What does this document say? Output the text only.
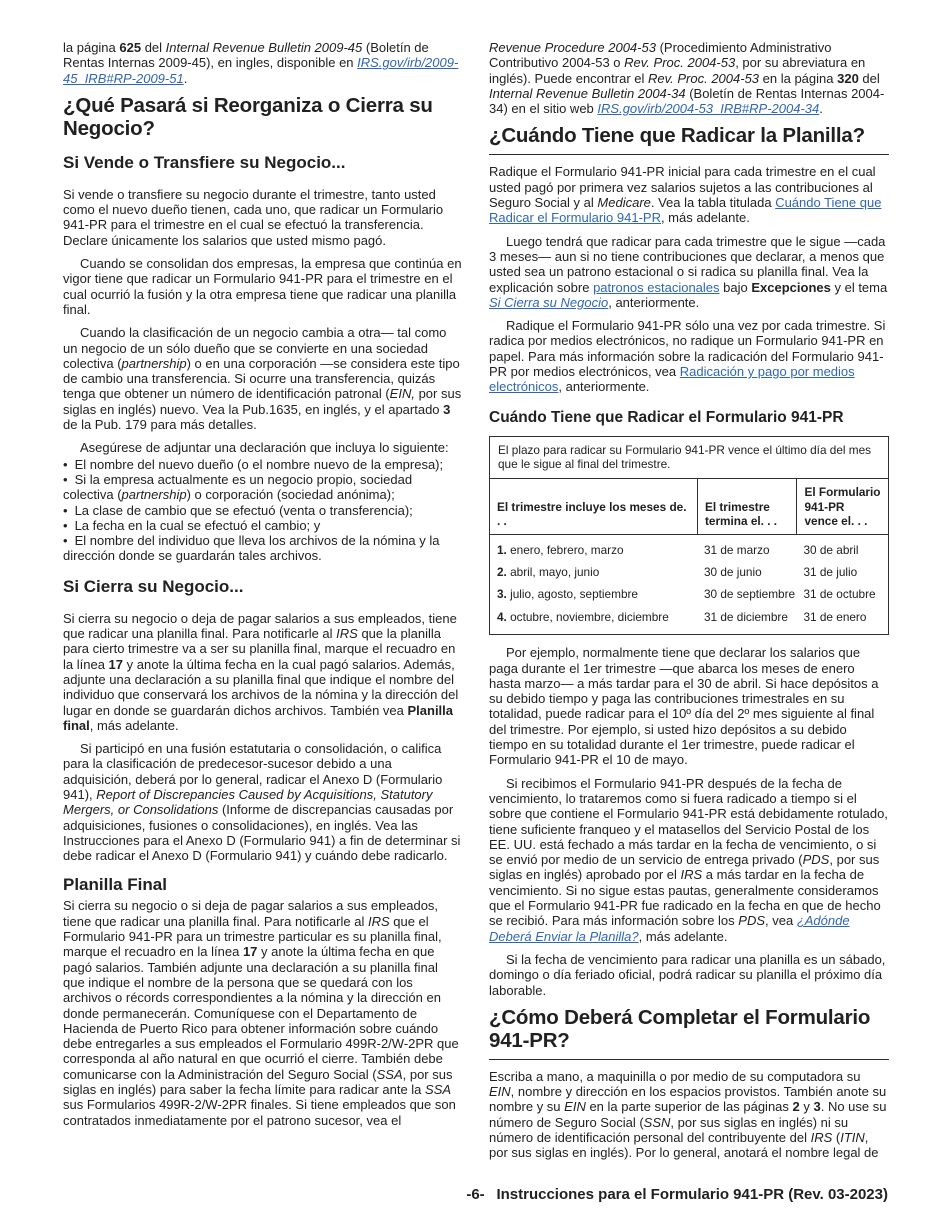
la página 625 del Internal Revenue Bulletin 2009-45 (Boletín de Rentas Internas 2009-45), en ingles, disponible en IRS.gov/irb/2009-45_IRB#RP-2009-51.

¿Qué Pasará si Reorganiza o Cierra su Negocio?
Si Vende o Transfiere su Negocio...

Si vende o transfiere su negocio durante el trimestre, tanto usted como el nuevo dueño tienen, cada uno, que radicar un Formulario 941-PR para el trimestre en el cual se efectuó la transferencia. Declare únicamente los salarios que usted mismo pagó.

Cuando se consolidan dos empresas, la empresa que continúa en vigor tiene que radicar un Formulario 941-PR para el trimestre en el cual ocurrió la fusión y la otra empresa tiene que radicar una planilla final.

Cuando la clasificación de un negocio cambia a otra— tal como un negocio de un sólo dueño que se convierte en una sociedad colectiva (partnership) o en una corporación —se considera este tipo de cambio una transferencia. Si ocurre una transferencia, quizás tenga que obtener un número de identificación patronal (EIN, por sus siglas en inglés) nuevo. Vea la Pub.1635, en inglés, y el apartado 3 de la Pub. 179 para más detalles.

Asegúrese de adjuntar una declaración que incluya lo siguiente:

• El nombre del nuevo dueño (o el nombre nuevo de la empresa);

• Si la empresa actualmente es un negocio propio, sociedad colectiva (partnership) o corporación (sociedad anónima);

• La clase de cambio que se efectuó (venta o transferencia);

• La fecha en la cual se efectuó el cambio; y

• El nombre del individuo que lleva los archivos de la nómina y la dirección donde se guardarán tales archivos.

Si Cierra su Negocio...

Si cierra su negocio o deja de pagar salarios a sus empleados, tiene que radicar una planilla final. Para notificarle al IRS que la planilla para cierto trimestre va a ser su planilla final, marque el recuadro en la línea 17 y anote la última fecha en la cual pagó salarios. Además, adjunte una declaración a su planilla final que indique el nombre del individuo que conservará los archivos de la nómina y la dirección del lugar en donde se guardarán dichos archivos. También vea Planilla final, más adelante.

Si participó en una fusión estatutaria o consolidación, o califica para la clasificación de predecesor-sucesor debido a una adquisición, deberá por lo general, radicar el Anexo D (Formulario 941), Report of Discrepancies Caused by Acquisitions, Statutory Mergers, or Consolidations (Informe de discrepancias causadas por adquisiciones, fusiones o consolidaciones), en inglés. Vea las Instrucciones para el Anexo D (Formulario 941) a fin de determinar si debe radicar el Anexo D (Formulario 941) y cuándo debe radicarlo.

Planilla Final

Si cierra su negocio o si deja de pagar salarios a sus empleados, tiene que radicar una planilla final. Para notificarle al IRS que el Formulario 941-PR para un trimestre particular es su planilla final, marque el recuadro en la línea 17 y anote la última fecha en que pagó salarios. También adjunte una declaración a su planilla final que indique el nombre de la persona que se quedará con los archivos o récords correspondientes a la nómina y la dirección en donde permanecerán. Comuníquese con el Departamento de Hacienda de Puerto Rico para obtener información sobre cuándo debe entregarles a sus empleados el Formulario 499R-2/W-2PR que corresponda al año natural en que ocurrió el cierre. También debe comunicarse con la Administración del Seguro Social (SSA, por sus siglas en inglés) para saber la fecha límite para radicar ante la SSA sus Formularios 499R-2/W-2PR finales. Si tiene empleados que son contratados inmediatamente por el patrono sucesor, vea el

Revenue Procedure 2004-53 (Procedimiento Administrativo Contributivo 2004-53 o Rev. Proc. 2004-53, por su abreviatura en inglés). Puede encontrar el Rev. Proc. 2004-53 en la página 320 del Internal Revenue Bulletin 2004-34 (Boletín de Rentas Internas 2004-34) en el sitio web IRS.gov/irb/2004-53_IRB#RP-2004-34.

¿Cuándo Tiene que Radicar la Planilla?

Radique el Formulario 941-PR inicial para cada trimestre en el cual usted pagó por primera vez salarios sujetos a las contribuciones al Seguro Social y al Medicare. Vea la tabla titulada Cuándo Tiene que Radicar el Formulario 941-PR, más adelante.

Luego tendrá que radicar para cada trimestre que le sigue —cada 3 meses— aun si no tiene contribuciones que declarar, a menos que usted sea un patrono estacional o si radica su planilla final. Vea la explicación sobre patronos estacionales bajo Excepciones y el tema Si Cierra su Negocio, anteriormente.

Radique el Formulario 941-PR sólo una vez por cada trimestre. Si radica por medios electrónicos, no radique un Formulario 941-PR en papel. Para más información sobre la radicación del Formulario 941-PR por medios electrónicos, vea Radicación y pago por medios electrónicos, anteriormente.

Cuándo Tiene que Radicar el Formulario 941-PR
El plazo para radicar su Formulario 941-PR vence el último día del mes que le sigue al final del trimestre.
El trimestre incluye los meses de. . .
El trimestre termina el. . .
El Formulario 941-PR vence el. . .
1. enero, febrero, marzo	31 de marzo	30 de abril
2. abril, mayo, junio	30 de junio	31 de julio
3. julio, agosto, septiembre	30 de septiembre 31 de octubre
4. octubre, noviembre, diciembre	31 de diciembre	31 de enero

Por ejemplo, normalmente tiene que declarar los salarios que paga durante el 1er trimestre —que abarca los meses de enero hasta marzo— a más tardar para el 30 de abril. Si hace depósitos a su debido tiempo y paga las contribuciones trimestrales en su totalidad, puede radicar para el 10º día del 2º mes siguiente al final del trimestre. Por ejemplo, si usted hizo depósitos a su debido tiempo en su totalidad durante el 1er trimestre, puede radicar el Formulario 941-PR el 10 de mayo.

Si recibimos el Formulario 941-PR después de la fecha de vencimiento, lo trataremos como si fuera radicado a tiempo si el sobre que contiene el Formulario 941-PR está debidamente rotulado, tiene suficiente franqueo y el matasellos del Servicio Postal de los EE. UU. está fechado a más tardar en la fecha de vencimiento, o si se envió por medio de un servicio de entrega privado (PDS, por sus siglas en inglés) aprobado por el IRS a más tardar en la fecha de vencimiento. Si no sigue estas pautas, generalmente consideramos que el Formulario 941-PR fue radicado en la fecha en que de hecho se recibió. Para más información sobre los PDS, vea ¿Adónde Deberá Enviar la Planilla?, más adelante.

Si la fecha de vencimiento para radicar una planilla es un sábado, domingo o día feriado oficial, podrá radicar su planilla el próximo día laborable.

¿Cómo Deberá Completar el Formulario 941-PR?

Escriba a mano, a maquinilla o por medio de su computadora su EIN, nombre y dirección en los espacios provistos. También anote su nombre y su EIN en la parte superior de las páginas 2 y 3. No use su número de Seguro Social (SSN, por sus siglas en inglés) ni su número de identificación personal del contribuyente del IRS (ITIN, por sus siglas en inglés). Por lo general, anotará el nombre legal de

-6- Instrucciones para el Formulario 941-PR (Rev. 03-2023)
